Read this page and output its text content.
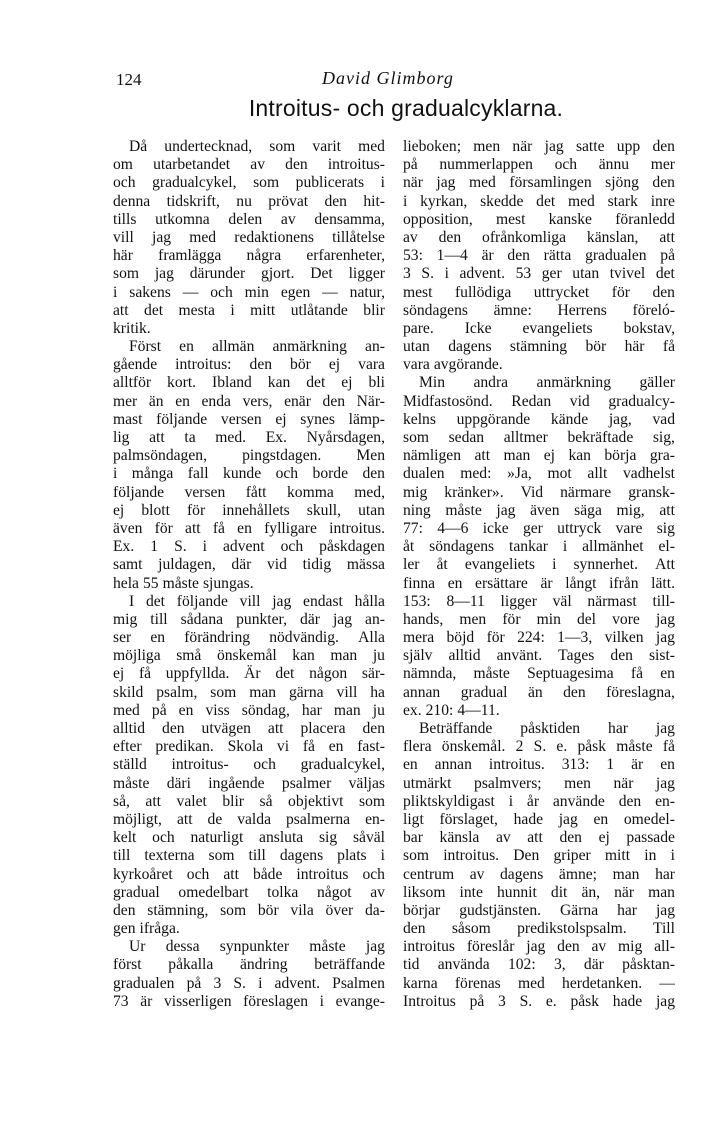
124	David Glimborg
Introitus- och gradualcyklarna.
Då undertecknad, som varit med
om utarbetandet av den introitus-
och gradualcykel, som publicerats i
denna tidskrift, nu prövat den hit-
tills utkomna delen av densamma,
vill jag med redaktionens tillåtelse
här framlägga några erfarenheter,
som jag därunder gjort. Det ligger
i sakens — och min egen — natur,
att det mesta i mitt utlåtande blir
kritik.
Först en allmän anmärkning an-
gående introitus: den bör ej vara
alltför kort. Ibland kan det ej bli
mer än en enda vers, enär den När-
mast följande versen ej synes lämp-
lig att ta med. Ex. Nyårsdagen,
palmsöndagen, pingstdagen. Men
i många fall kunde och borde den
följande versen fått komma med,
ej blott för innehållets skull, utan
även för att få en fylligare introitus.
Ex. 1 S. i advent och påskdagen
samt juldagen, där vid tidig mässa
hela 55 måste sjungas.
I det följande vill jag endast hålla
mig till sådana punkter, där jag an-
ser en förändring nödvändig. Alla
möjliga små önskemål kan man ju
ej få uppfyllda. Är det någon sär-
skild psalm, som man gärna vill ha
med på en viss söndag, har man ju
alltid den utvägen att placera den
efter predikan. Skola vi få en fast-
ställd introitus- och gradualcykel,
måste däri ingående psalmer väljas
så, att valet blir så objektivt som
möjligt, att de valda psalmerna en-
kelt och naturligt ansluta sig såväl
till texterna som till dagens plats i
kyrkoåret och att både introitus och
gradual omedelbart tolka något av
den stämning, som bör vila över da-
gen ifråga.
Ur dessa synpunkter måste jag
först påkalla ändring beträffande
gradualen på 3 S. i advent. Psalmen
73 är visserligen föreslagen i evange-
lieboken; men när jag satte upp den
på nummerlappen och ännu mer
när jag med församlingen sjöng den
i kyrkan, skedde det med stark inre
opposition, mest kanske föranledd
av den ofrånkomliga känslan, att
53: 1—4 är den rätta gradualen på
3 S. i advent. 53 ger utan tvivel det
mest fullödiga uttrycket för den
söndagens ämne: Herrens föreló-
pare. Icke evangeliets bokstav,
utan dagens stämning bör här få
vara avgörande.
Min andra anmärkning gäller
Midfastosönd. Redan vid gradualcy-
kelns uppgörande kände jag, vad
som sedan alltmer bekräftade sig,
nämligen att man ej kan börja gra-
dualen med: »Ja, mot allt vadhelst
mig kränker». Vid närmare gransk-
ning måste jag även säga mig, att
77: 4—6 icke ger uttryck vare sig
åt söndagens tankar i allmänhet el-
ler åt evangeliets i synnerhet. Att
finna en ersättare är långt ifrån lätt.
153: 8—11 ligger väl närmast till-
hands, men för min del vore jag
mera böjd för 224: 1—3, vilken jag
själv alltid använt. Tages den sist-
nämnda, måste Septuagesima få en
annan gradual än den föreslagna,
ex. 210: 4—11.
Beträffande påsktiden har jag
flera önskemål. 2 S. e. påsk måste få
en annan introitus. 313: 1 är en
utmärkt psalmvers; men när jag
pliktskyldigast i år använde den en-
ligt förslaget, hade jag en omedel-
bar känsla av att den ej passade
som introitus. Den griper mitt in i
centrum av dagens ämne; man har
liksom inte hunnit dit än, när man
börjar gudstjänsten. Gärna har jag
den såsom predikstolspsalm. Till
introitus föreslår jag den av mig all-
tid använda 102: 3, där påsktan-
karna förenas med herdetanken. —
Introitus på 3 S. e. påsk hade jag
